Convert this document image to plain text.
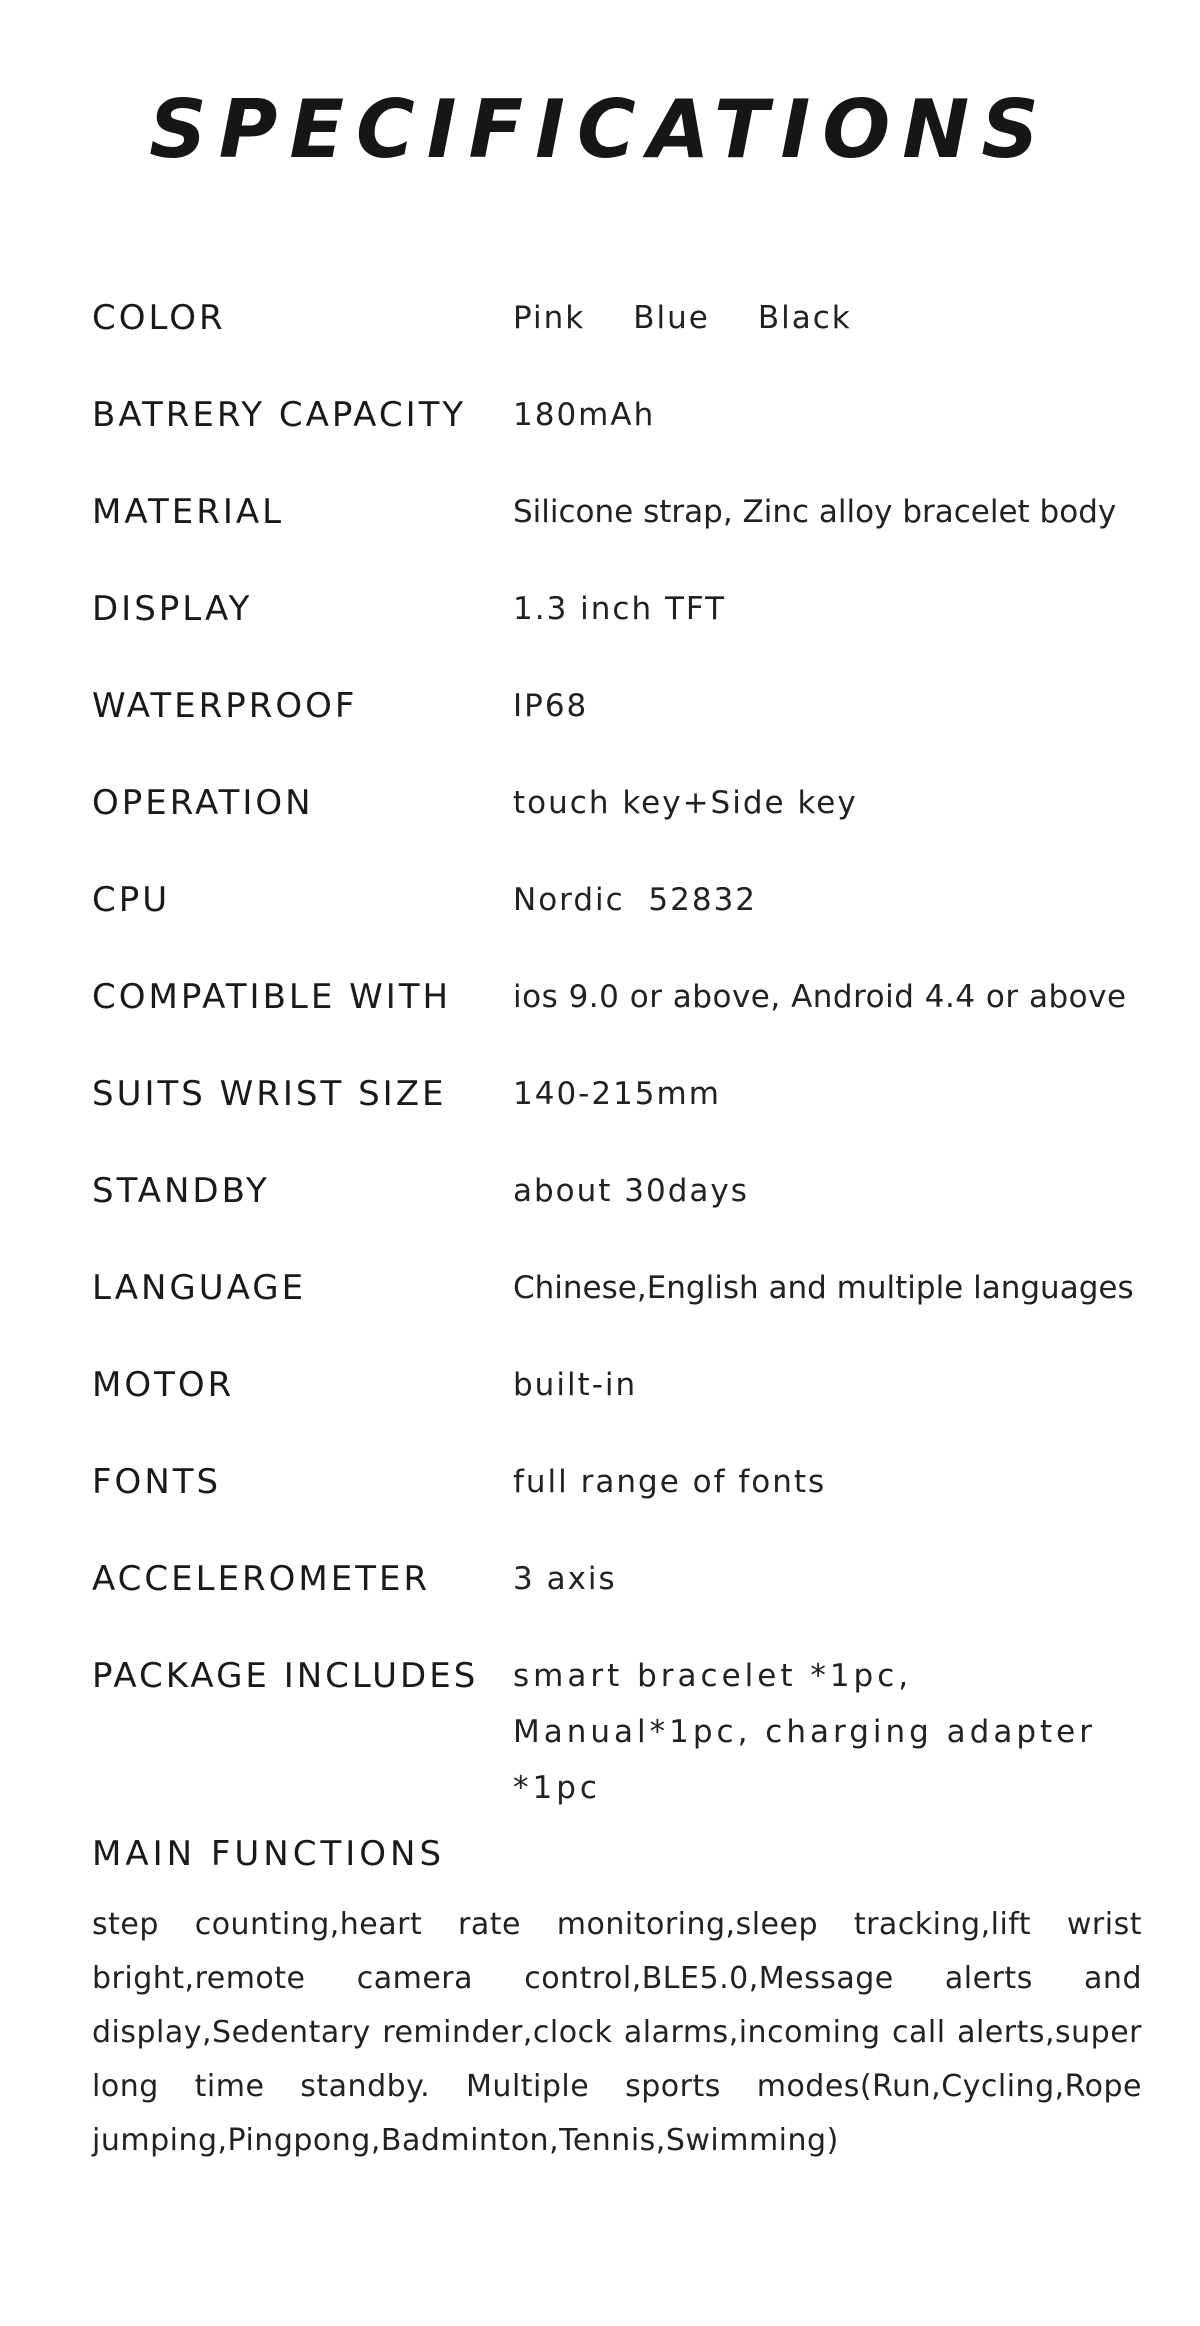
SPECIFICATIONS
COLOR	Pink Blue Black
BATRERY CAPACITY	180mAh
MATERIAL	Silicone strap, Zinc alloy bracelet body
DISPLAY	1.3 inch TFT
WATERPROOF	IP68
OPERATION	touch key+Side key
CPU	Nordic  52832
COMPATIBLE WITH	ios 9.0 or above, Android 4.4 or above
SUITS WRIST SIZE	140-215mm
STANDBY	about 30days
LANGUAGE	Chinese,English and multiple languages
MOTOR	built-in
FONTS	full range of fonts
ACCELEROMETER	3 axis
PACKAGE INCLUDES	smart bracelet *1pc, Manual*1pc, charging adapter *1pc
MAIN FUNCTIONS
step counting,heart rate monitoring,sleep tracking,lift wrist bright,remote camera control,BLE5.0,Message alerts and display,Sedentary reminder,clock alarms,incoming call alerts,super long time standby. Multiple sports modes(Run,Cycling,Rope jumping,Pingpong,Badminton,Tennis,Swimming)
